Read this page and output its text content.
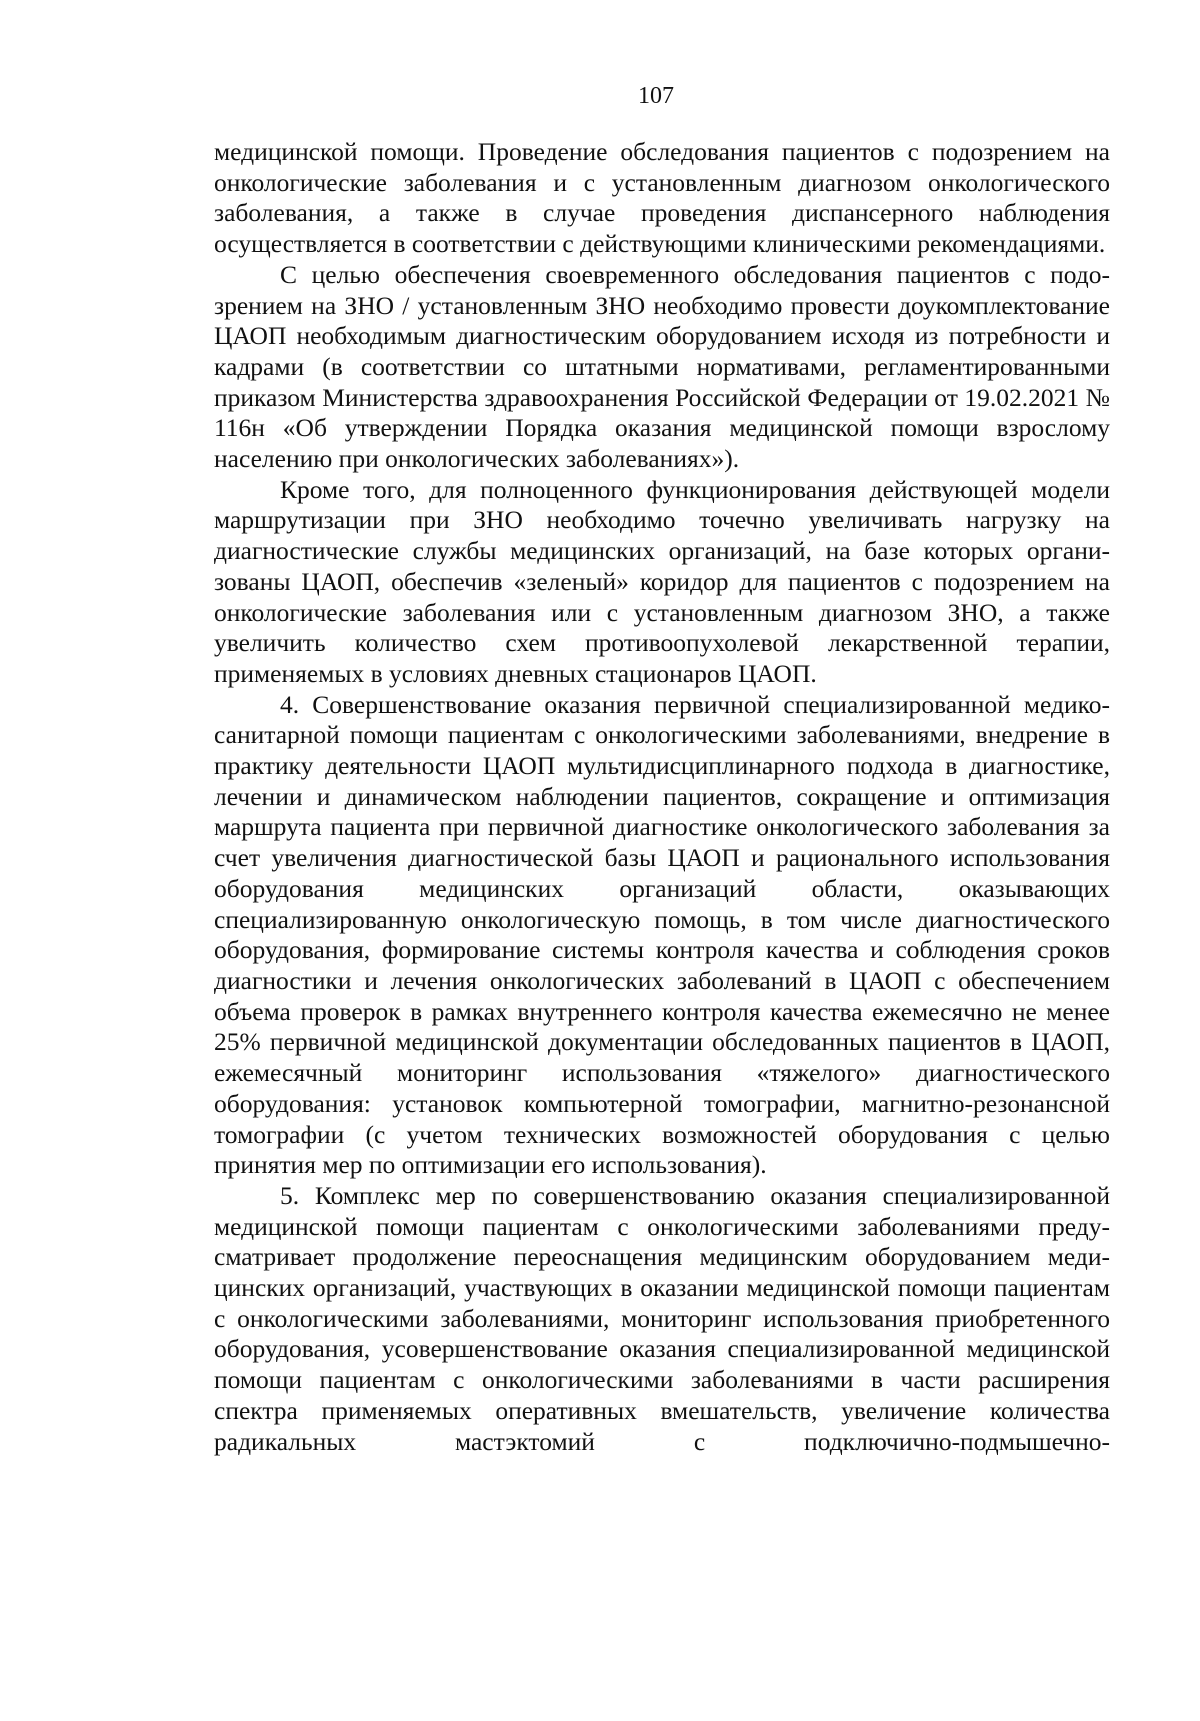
107

медицинской помощи. Проведение обследования пациентов с подозрением на онкологические заболевания и с установленным диагнозом онкологического заболевания, а также в случае проведения диспансерного наблюдения осуществляется в соответствии с действующими клиническими рекомендациями.

С целью обеспечения своевременного обследования пациентов с подозрением на ЗНО / установленным ЗНО необходимо провести доукомплектование ЦАОП необходимым диагностическим оборудованием исходя из потребности и кадрами (в соответствии со штатными нормативами, регламентированными приказом Министерства здравоохранения Российской Федерации от 19.02.2021 № 116н «Об утверждении Порядка оказания медицинской помощи взрослому населению при онкологических заболеваниях»).

Кроме того, для полноценного функционирования действующей модели маршрутизации при ЗНО необходимо точечно увеличивать нагрузку на диагностические службы медицинских организаций, на базе которых организованы ЦАОП, обеспечив «зеленый» коридор для пациентов с подозрением на онкологические заболевания или с установленным диагнозом ЗНО, а также увеличить количество схем противоопухолевой лекарственной терапии, применяемых в условиях дневных стационаров ЦАОП.

4. Совершенствование оказания первичной специализированной медико-санитарной помощи пациентам с онкологическими заболеваниями, внедрение в практику деятельности ЦАОП мультидисциплинарного подхода в диагностике, лечении и динамическом наблюдении пациентов, сокращение и оптимизация маршрута пациента при первичной диагностике онкологического заболевания за счет увеличения диагностической базы ЦАОП и рационального использования оборудования медицинских организаций области, оказывающих специализированную онкологическую помощь, в том числе диагностического оборудования, формирование системы контроля качества и соблюдения сроков диагностики и лечения онкологических заболеваний в ЦАОП с обеспечением объема проверок в рамках внутреннего контроля качества ежемесячно не менее 25% первичной медицинской документации обследованных пациентов в ЦАОП, ежемесячный мониторинг использования «тяжелого» диагностического оборудования: установок компьютерной томографии, магнитно-резонансной томографии (с учетом технических возможностей оборудования с целью принятия мер по оптимизации его использования).

5. Комплекс мер по совершенствованию оказания специализированной медицинской помощи пациентам с онкологическими заболеваниями предусматривает продолжение переоснащения медицинским оборудованием медицинских организаций, участвующих в оказании медицинской помощи пациентам с онкологическими заболеваниями, мониторинг использования приобретенного оборудования, усовершенствование оказания специализированной медицинской помощи пациентам с онкологическими заболеваниями в части расширения спектра применяемых оперативных вмешательств, увеличение количества радикальных мастэктомий с подключично-подмышечно-
